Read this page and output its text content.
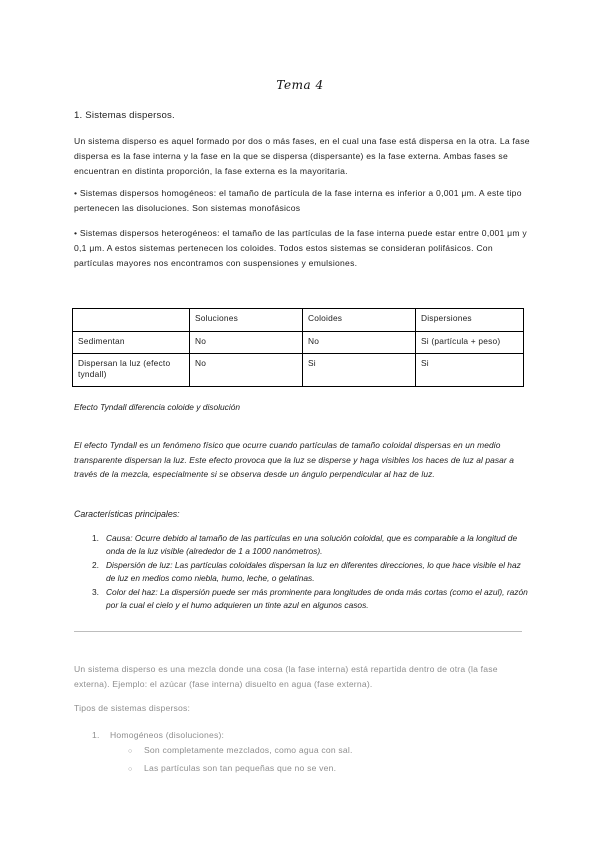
Tema 4
1. Sistemas dispersos.
Un sistema disperso es aquel formado por dos o más fases, en el cual una fase está dispersa en la otra. La fase dispersa es la fase interna y la fase en la que se dispersa (dispersante) es la fase externa. Ambas fases se encuentran en distinta proporción, la fase externa es la mayoritaria.
• Sistemas dispersos homogéneos: el tamaño de partícula de la fase interna es inferior a 0,001 μm. A este tipo pertenecen las disoluciones. Son sistemas monofásicos
• Sistemas dispersos heterogéneos: el tamaño de las partículas de la fase interna puede estar entre 0,001 μm y 0,1 μm. A estos sistemas pertenecen los coloides. Todos estos sistemas se consideran polifásicos. Con partículas mayores nos encontramos con suspensiones y emulsiones.
	Soluciones	Coloides	Dispersiones
Sedimentan	No	No	Si (partícula + peso)
Dispersan la luz (efecto tyndall)	No	Si	Si
Efecto Tyndall diferencia coloide y disolución
El efecto Tyndall es un fenómeno físico que ocurre cuando partículas de tamaño coloidal dispersas en un medio transparente dispersan la luz. Este efecto provoca que la luz se disperse y haga visibles los haces de luz al pasar a través de la mezcla, especialmente si se observa desde un ángulo perpendicular al haz de luz.
Características principales:
1. Causa: Ocurre debido al tamaño de las partículas en una solución coloidal, que es comparable a la longitud de onda de la luz visible (alrededor de 1 a 1000 nanómetros).
2. Dispersión de luz: Las partículas coloidales dispersan la luz en diferentes direcciones, lo que hace visible el haz de luz en medios como niebla, humo, leche, o gelatinas.
3. Color del haz: La dispersión puede ser más prominente para longitudes de onda más cortas (como el azul), razón por la cual el cielo y el humo adquieren un tinte azul en algunos casos.
Un sistema disperso es una mezcla donde una cosa (la fase interna) está repartida dentro de otra (la fase externa). Ejemplo: el azúcar (fase interna) disuelto en agua (fase externa).
Tipos de sistemas dispersos:
1. Homogéneos (disoluciones):
○ Son completamente mezclados, como agua con sal.
○ Las partículas son tan pequeñas que no se ven.
